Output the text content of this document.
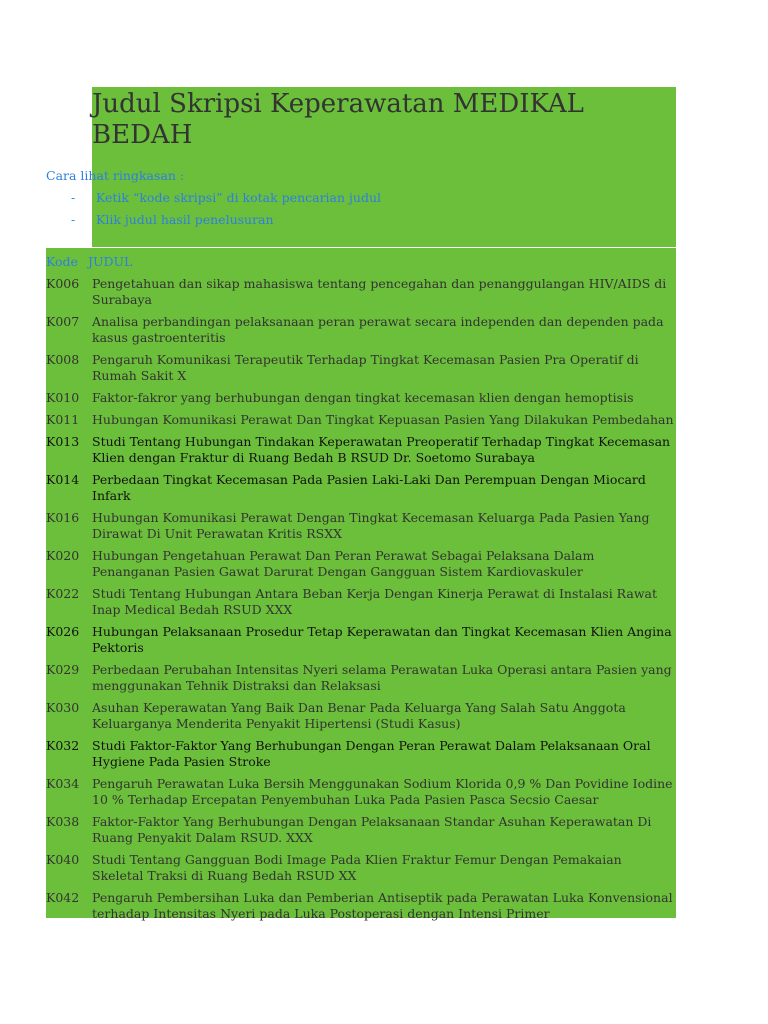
Judul Skripsi Keperawatan MEDIKAL BEDAH
Cara lihat ringkasan :
- Ketik “kode skripsi” di kotak pencarian judul
- Klik judul hasil penelusuran
Kode JUDUL
K006	Pengetahuan dan sikap mahasiswa tentang pencegahan dan penanggulangan HIV/AIDS di Surabaya
K007	Analisa perbandingan pelaksanaan peran perawat secara independen dan dependen pada kasus gastroenteritis
K008	Pengaruh Komunikasi Terapeutik Terhadap Tingkat Kecemasan Pasien Pra Operatif di Rumah Sakit X
K010	Faktor-fakror yang berhubungan dengan tingkat kecemasan klien dengan hemoptisis
K011	Hubungan Komunikasi Perawat Dan Tingkat Kepuasan Pasien Yang Dilakukan Pembedahan
K013	Studi Tentang Hubungan Tindakan Keperawatan Preoperatif Terhadap Tingkat Kecemasan Klien dengan Fraktur di Ruang Bedah B RSUD Dr. Soetomo Surabaya
K014	Perbedaan Tingkat Kecemasan Pada Pasien Laki-Laki Dan Perempuan Dengan Miocard Infark
K016	Hubungan Komunikasi Perawat Dengan Tingkat Kecemasan Keluarga Pada Pasien Yang Dirawat Di Unit Perawatan Kritis RSXX
K020	Hubungan Pengetahuan Perawat Dan Peran Perawat Sebagai Pelaksana Dalam Penanganan Pasien Gawat Darurat Dengan Gangguan Sistem Kardiovaskuler
K022	Studi Tentang Hubungan Antara Beban Kerja Dengan Kinerja Perawat di Instalasi Rawat Inap Medical Bedah RSUD XXX
K026	Hubungan Pelaksanaan Prosedur Tetap Keperawatan dan Tingkat Kecemasan Klien Angina Pektoris
K029	Perbedaan Perubahan Intensitas Nyeri selama Perawatan Luka Operasi antara Pasien yang menggunakan Tehnik Distraksi dan Relaksasi
K030	Asuhan Keperawatan Yang Baik Dan Benar Pada Keluarga Yang Salah Satu Anggota Keluarganya Menderita Penyakit Hipertensi (Studi Kasus)
K032	Studi Faktor-Faktor Yang Berhubungan Dengan Peran Perawat Dalam Pelaksanaan Oral Hygiene Pada Pasien Stroke
K034	Pengaruh Perawatan Luka Bersih Menggunakan Sodium Klorida 0,9 % Dan Povidine Iodine 10 % Terhadap Ercepatan Penyembuhan Luka Pada Pasien Pasca Secsio Caesar
K038	Faktor-Faktor Yang Berhubungan Dengan Pelaksanaan Standar Asuhan Keperawatan Di Ruang Penyakit Dalam RSUD. XXX
K040	Studi Tentang Gangguan Bodi Image Pada Klien Fraktur Femur Dengan Pemakaian Skeletal Traksi di Ruang Bedah RSUD XX
K042	Pengaruh Pembersihan Luka dan Pemberian Antiseptik pada Perawatan Luka Konvensional terhadap Intensitas Nyeri pada Luka Postoperasi dengan Intensi Primer
